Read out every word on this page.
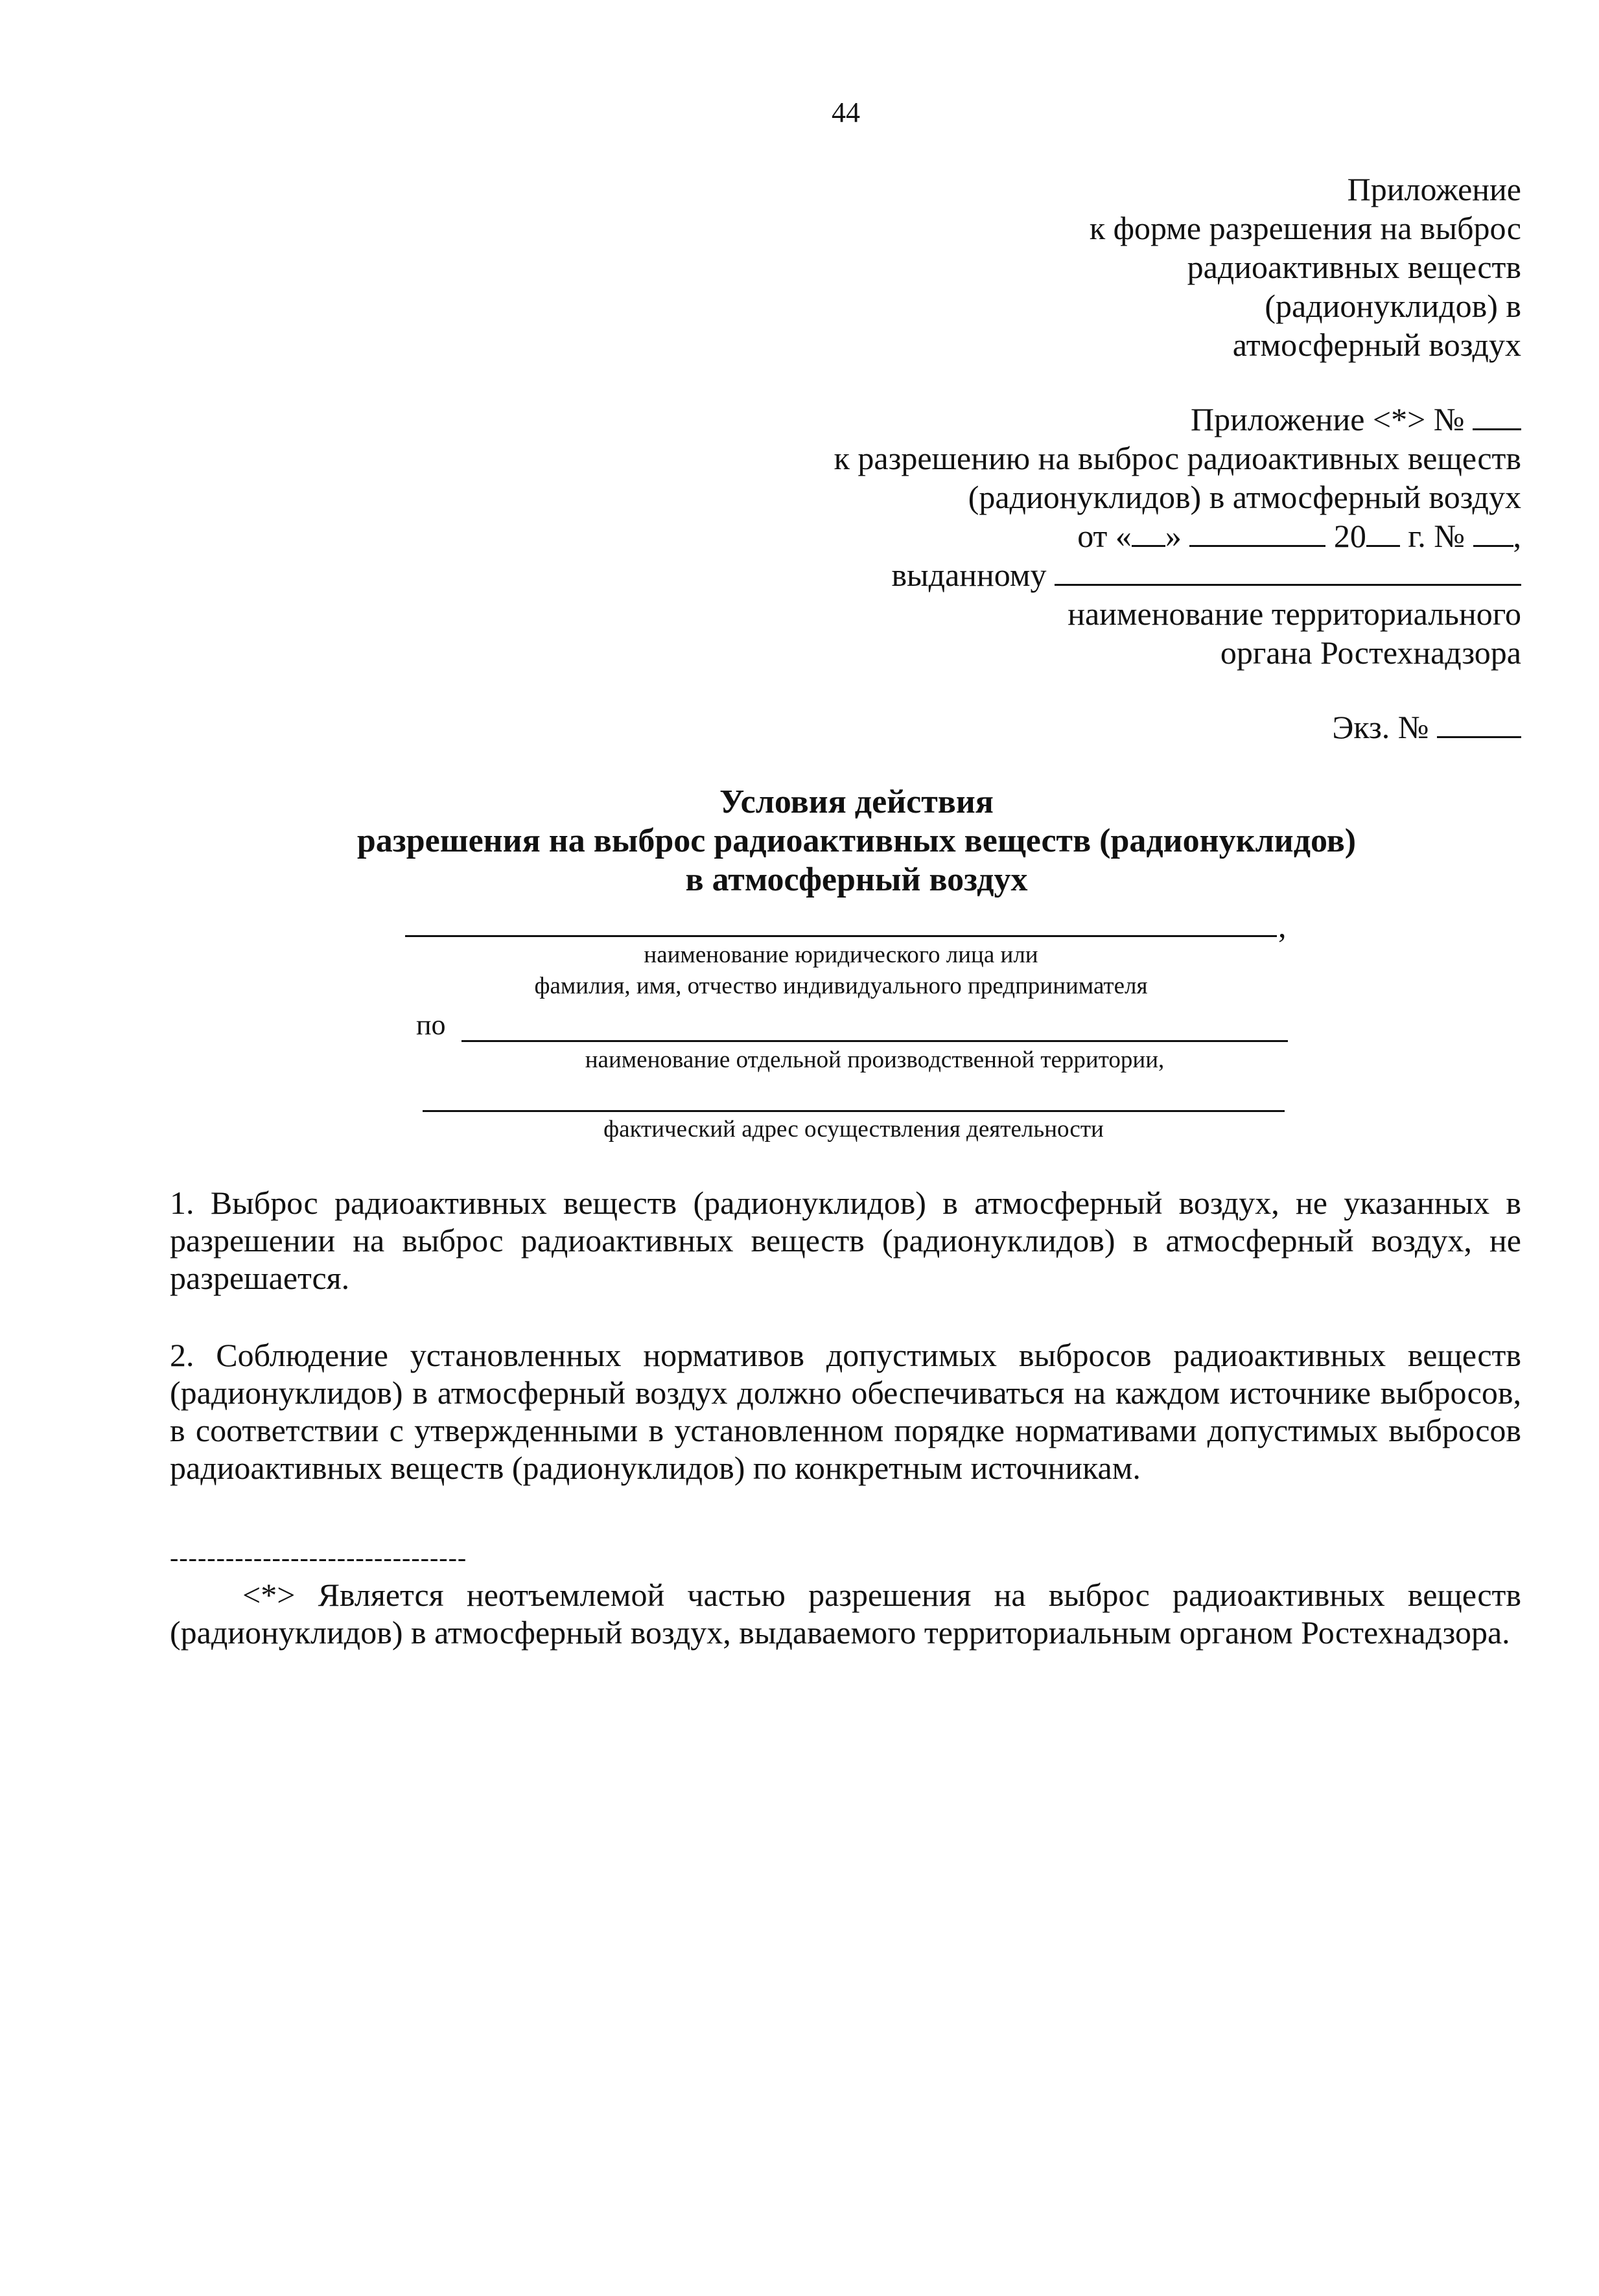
44
Приложение
к форме разрешения на выброс
радиоактивных веществ
(радионуклидов) в
атмосферный воздух
Приложение <*> №
к разрешению на выброс радиоактивных веществ
(радионуклидов) в атмосферный воздух
от « »	20 г. № ,
выданному
наименование территориального
органа Ростехнадзора
Экз. №
Условия действия
разрешения на выброс радиоактивных веществ (радионуклидов)
в атмосферный воздух
,
наименование юридического лица или
фамилия, имя, отчество индивидуального предпринимателя
по
наименование отдельной производственной территории,
фактический адрес осуществления деятельности
1. Выброс радиоактивных веществ (радионуклидов) в атмосферный воздух, не указанных в разрешении на выброс радиоактивных веществ (радионуклидов) в атмосферный воздух, не разрешается.
2. Соблюдение установленных нормативов допустимых выбросов радиоактивных веществ (радионуклидов) в атмосферный воздух должно обеспечиваться на каждом источнике выбросов, в соответствии с утвержденными в установленном порядке нормативами допустимых выбросов радиоактивных веществ (радионуклидов) по конкретным источникам.
--------------------------------
<*> Является неотъемлемой частью разрешения на выброс радиоактивных веществ (радионуклидов) в атмосферный воздух, выдаваемого территориальным органом Ростехнадзора.
